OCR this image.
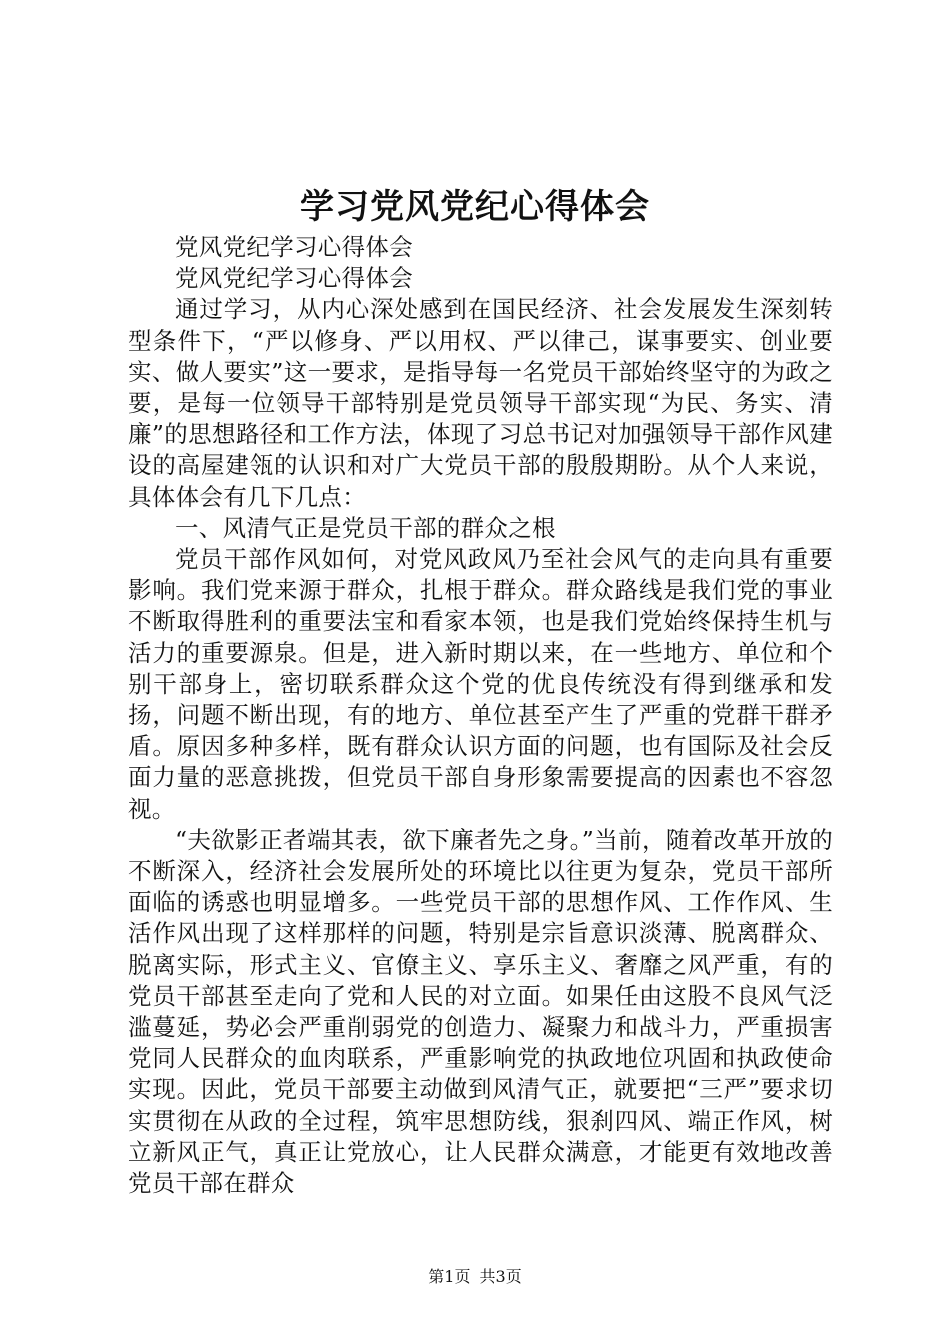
学习党风党纪心得体会

党风党纪学习心得体会

党风党纪学习心得体会

通过学习，从内心深处感到在国民经济、社会发展发生深刻转型条件下，“严以修身、严以用权、严以律己，谋事要实、创业要实、做人要实”这一要求，是指导每一名党员干部始终坚守的为政之要，是每一位领导干部特别是党员领导干部实现“为民、务实、清廉”的思想路径和工作方法，体现了习总书记对加强领导干部作风建设的高屋建瓴的认识和对广大党员干部的殷殷期盼。从个人来说，具体体会有几下几点：

一、风清气正是党员干部的群众之根

党员干部作风如何，对党风政风乃至社会风气的走向具有重要影响。我们党来源于群众，扎根于群众。群众路线是我们党的事业不断取得胜利的重要法宝和看家本领，也是我们党始终保持生机与活力的重要源泉。但是，进入新时期以来，在一些地方、单位和个别干部身上，密切联系群众这个党的优良传统没有得到继承和发扬，问题不断出现，有的地方、单位甚至产生了严重的党群干群矛盾。原因多种多样，既有群众认识方面的问题，也有国际及社会反面力量的恶意挑拨，但党员干部自身形象需要提高的因素也不容忽视。

“夫欲影正者端其表，欲下廉者先之身。”当前，随着改革开放的不断深入，经济社会发展所处的环境比以往更为复杂，党员干部所面临的诱惑也明显增多。一些党员干部的思想作风、工作作风、生活作风出现了这样那样的问题，特别是宗旨意识淡薄、脱离群众、脱离实际，形式主义、官僚主义、享乐主义、奢靡之风严重，有的党员干部甚至走向了党和人民的对立面。如果任由这股不良风气泛滥蔓延，势必会严重削弱党的创造力、凝聚力和战斗力，严重损害党同人民群众的血肉联系，严重影响党的执政地位巩固和执政使命实现。因此，党员干部要主动做到风清气正，就要把“三严”要求切实贯彻在从政的全过程，筑牢思想防线，狠刹四风、端正作风，树立新风正气，真正让党放心，让人民群众满意，才能更有效地改善党员干部在群众

第1页 共3页
